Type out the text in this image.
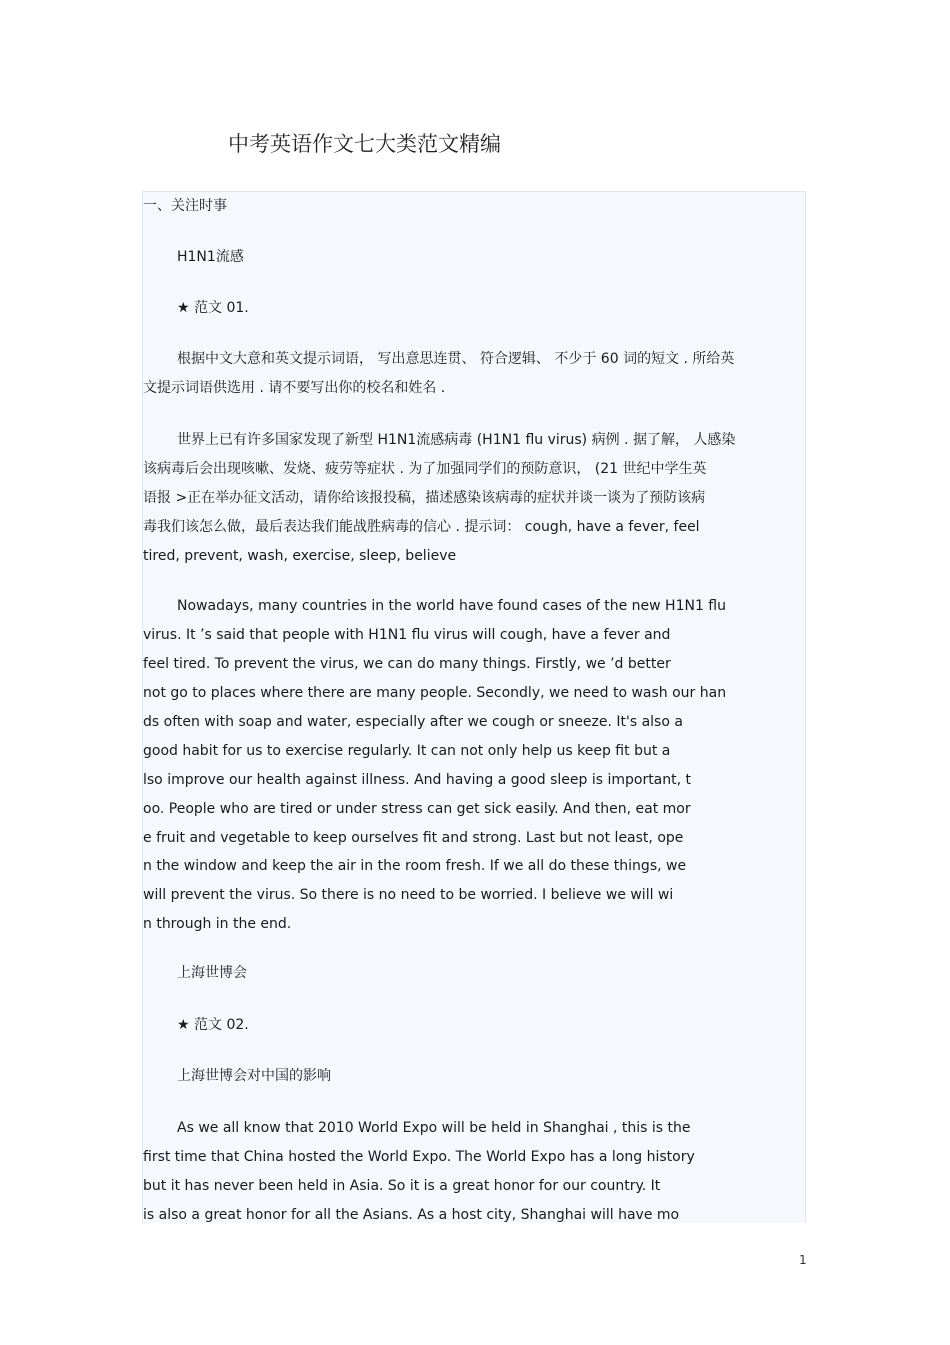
中考英语作文七大类范文精编
一、关注时事
H1N1流感
★ 范文 01.
根据中文大意和英文提示词语， 写出意思连贯、 符合逻辑、 不少于 60 词的短文 . 所给英
文提示词语供选用 . 请不要写出你的校名和姓名 .
世界上已有许多国家发现了新型 H1N1流感病毒 (H1N1 flu virus) 病例 . 据了解， 人感染
该病毒后会出现咳嗽、发烧、疲劳等症状 . 为了加强同学们的预防意识， (21 世纪中学生英
语报 >正在举办征文活动，请你给该报投稿，描述感染该病毒的症状并谈一谈为了预防该病
毒我们该怎么做，最后表达我们能战胜病毒的信心 . 提示词： cough, have a fever, feel
tired, prevent, wash, exercise, sleep, believe
Nowadays, many countries in the world have found cases of the new H1N1 flu
virus. It ’s said that people with H1N1 flu virus will cough, have a fever and
feel tired. To prevent the virus, we can do many things. Firstly, we ’d better
not go to places where there are many people. Secondly, we need to wash our han
ds often with soap and water, especially after we cough or sneeze. It's also a
good habit for us to exercise regularly. It can not only help us keep fit but a
lso improve our health against illness. And having a good sleep is important, t
oo. People who are tired or under stress can get sick easily. And then, eat mor
e fruit and vegetable to keep ourselves fit and strong. Last but not least, ope
n the window and keep the air in the room fresh. If we all do these things, we
will prevent the virus. So there is no need to be worried. I believe we will wi
n through in the end.
上海世博会
★ 范文 02.
上海世博会对中国的影响
As we all know that 2010 World Expo will be held in Shanghai , this is the
first time that China hosted the World Expo. The World Expo has a long history
but it has never been held in Asia. So it is a great honor for our country. It
is also a great honor for all the Asians. As a host city, Shanghai will have mo
1
